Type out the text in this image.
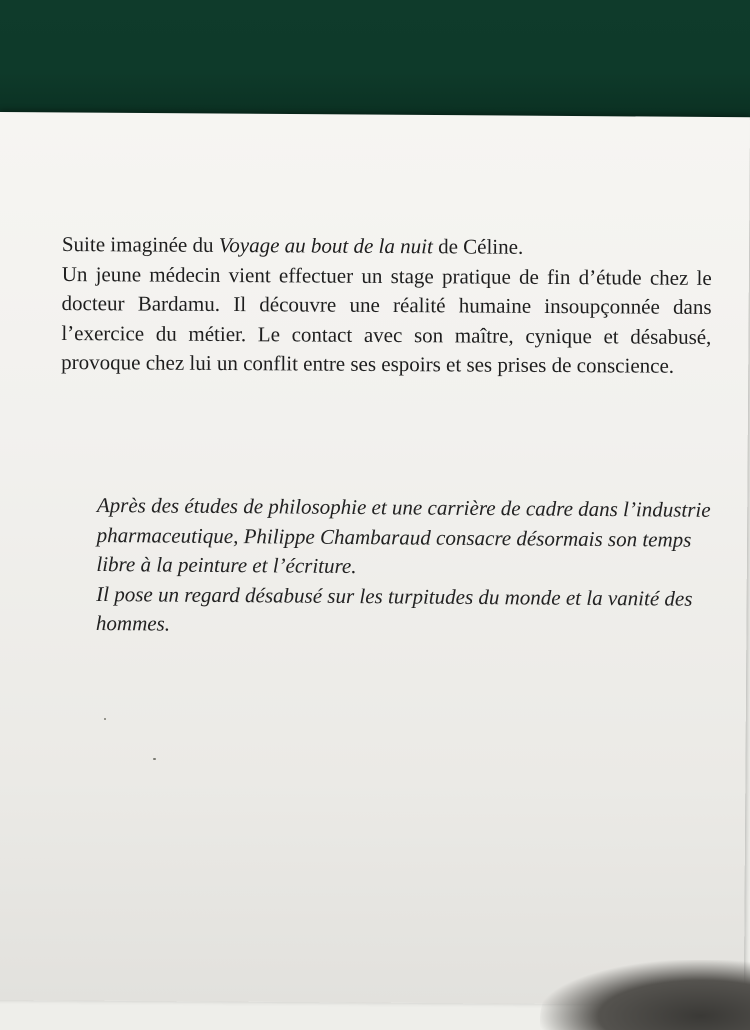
Suite imaginée du Voyage au bout de la nuit de Céline.

Un jeune médecin vient effectuer un stage pratique de fin d’étude chez le docteur Bardamu. Il découvre une réalité humaine insoupçonnée dans l’exercice du métier. Le contact avec son maître, cynique et désabusé, provoque chez lui un conflit entre ses espoirs et ses prises de conscience.

Après des études de philosophie et une carrière de cadre dans l’industrie pharmaceutique, Philippe Chambaraud consacre désormais son temps libre à la peinture et l’écriture.

Il pose un regard désabusé sur les turpitudes du monde et la vanité des hommes.
